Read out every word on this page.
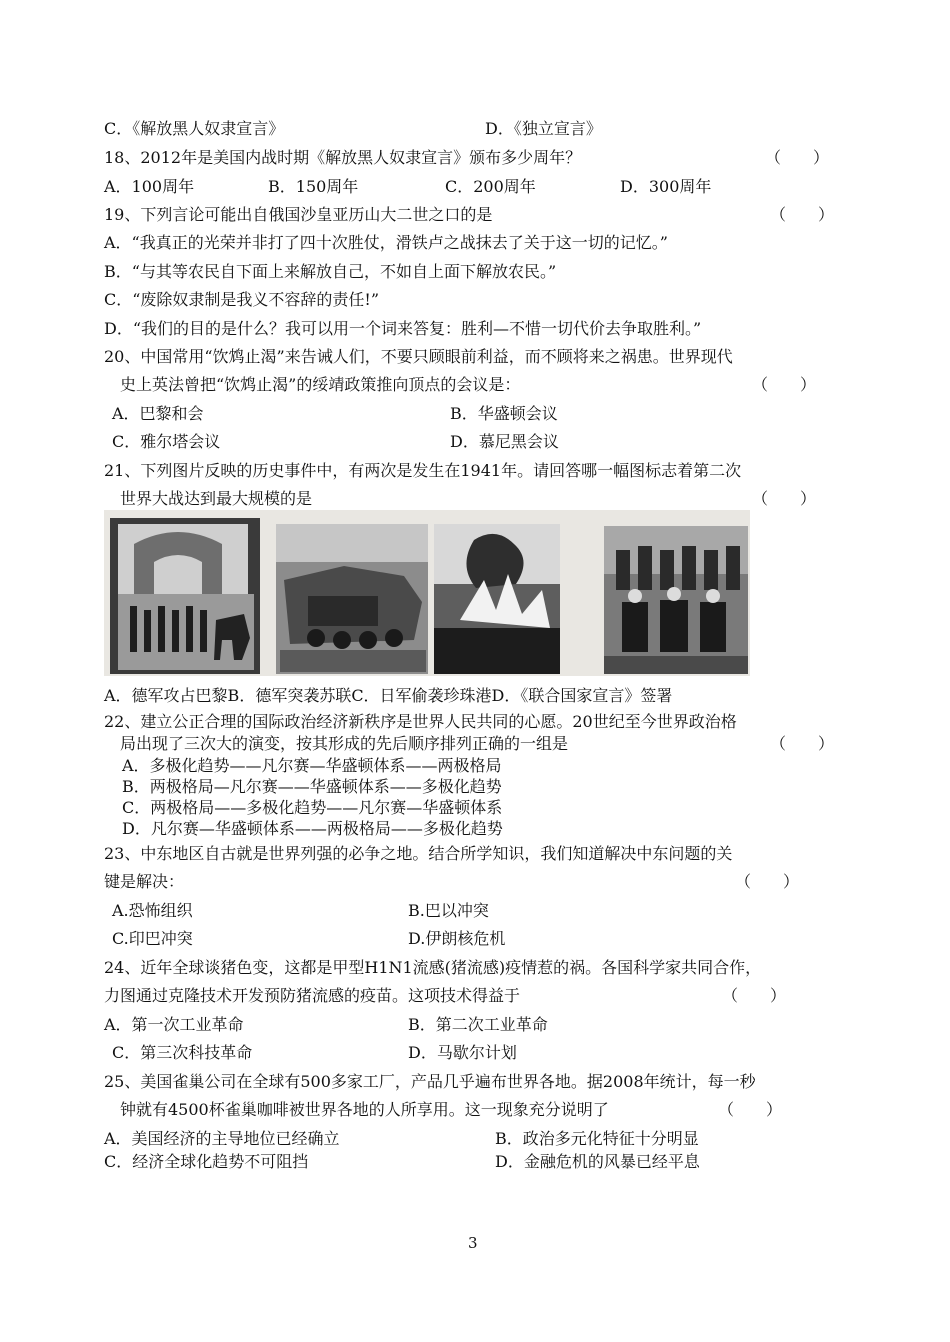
C．《解放黑人奴隶宣言》	D．《独立宣言》
18、2012年是美国内战时期《解放黑人奴隶宣言》颁布多少周年？	（　　）
A．100周年	B．150周年	C．200周年	D．300周年
19、下列言论可能出自俄国沙皇亚历山大二世之口的是	（　　）
A．“我真正的光荣并非打了四十次胜仗，滑铁卢之战抹去了关于这一切的记忆。”
B．“与其等农民自下面上来解放自己，不如自上面下解放农民。”
C．“废除奴隶制是我义不容辞的责任!”
D．“我们的目的是什么？我可以用一个词来答复：胜利—不惜一切代价去争取胜利。”
20、中国常用“饮鸩止渴”来告诫人们，不要只顾眼前利益，而不顾将来之祸患。世界现代
史上英法曾把“饮鸩止渴”的绥靖政策推向顶点的会议是：	（　　）
A．巴黎和会	B．华盛顿会议
C．雅尔塔会议	D．慕尼黑会议
21、下列图片反映的历史事件中，有两次是发生在1941年。请回答哪一幅图标志着第二次
世界大战达到最大规模的是	（　　）
A．德军攻占巴黎B．德军突袭苏联C．日军偷袭珍珠港D．《联合国家宣言》签署
22、建立公正合理的国际政治经济新秩序是世界人民共同的心愿。20世纪至今世界政治格
局出现了三次大的演变，按其形成的先后顺序排列正确的一组是	（　　）
A．多极化趋势——凡尔赛—华盛顿体系——两极格局
B．两极格局—凡尔赛——华盛顿体系——多极化趋势
C．两极格局——多极化趋势——凡尔赛—华盛顿体系
D．凡尔赛—华盛顿体系——两极格局——多极化趋势
23、中东地区自古就是世界列强的必争之地。结合所学知识，我们知道解决中东问题的关
键是解决：	（　　）
A.恐怖组织	B.巴以冲突
C.印巴冲突	D.伊朗核危机
24、近年全球谈猪色变，这都是甲型H1N1流感(猪流感)疫情惹的祸。各国科学家共同合作，
力图通过克隆技术开发预防猪流感的疫苗。这项技术得益于	（　　）
A．第一次工业革命	B．第二次工业革命
C．第三次科技革命	D．马歇尔计划
25、美国雀巢公司在全球有500多家工厂，产品几乎遍布世界各地。据2008年统计，每一秒
钟就有4500杯雀巢咖啡被世界各地的人所享用。这一现象充分说明了	（　　）
A．美国经济的主导地位已经确立	B．政治多元化特征十分明显
C．经济全球化趋势不可阻挡	D．金融危机的风暴已经平息
3
